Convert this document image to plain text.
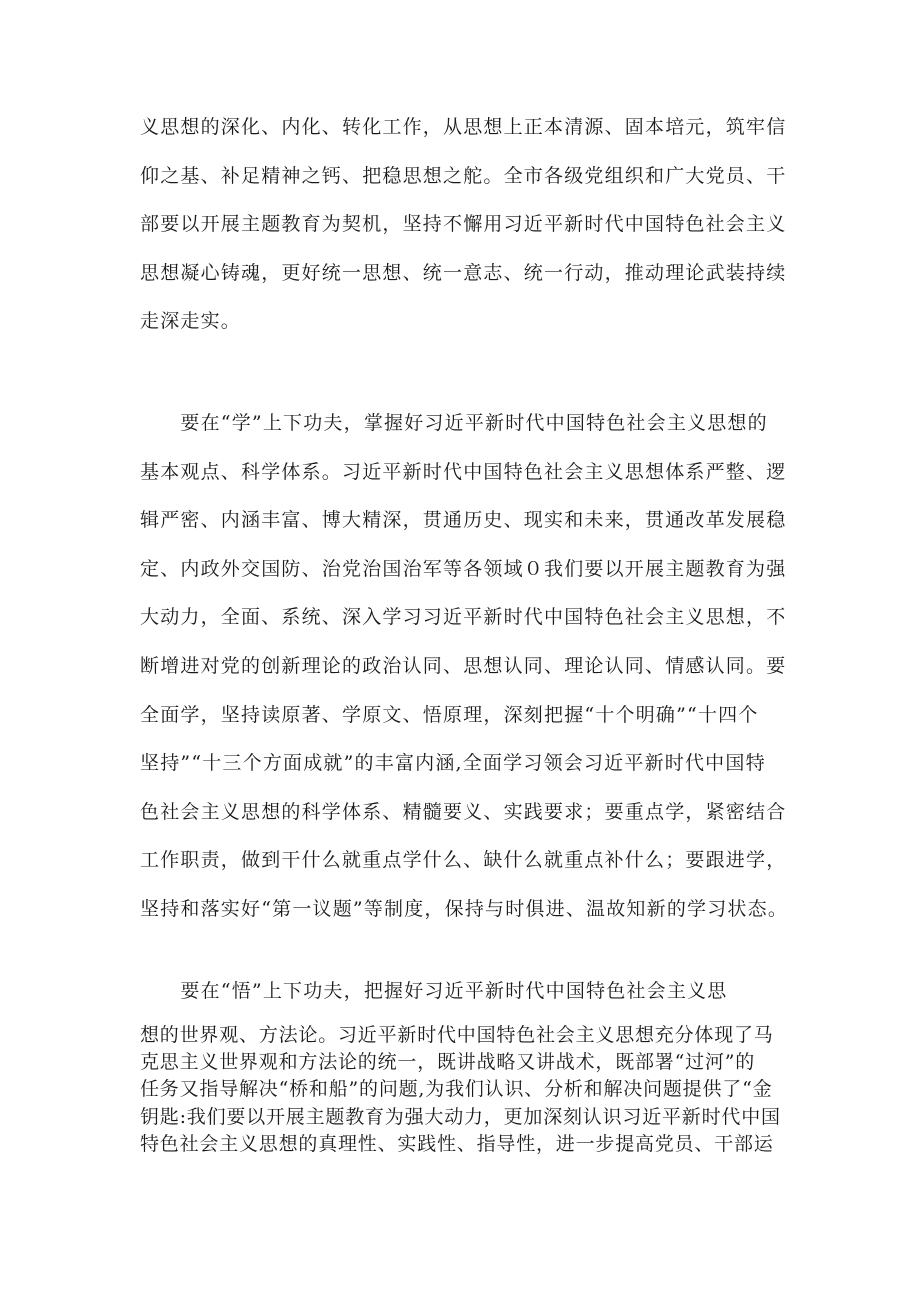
义思想的深化、内化、转化工作，从思想上正本清源、固本培元，筑牢信
仰之基、补足精神之钙、把稳思想之舵。全市各级党组织和广大党员、干
部要以开展主题教育为契机，坚持不懈用习近平新时代中国特色社会主义
思想凝心铸魂，更好统一思想、统一意志、统一行动，推动理论武装持续
走深走实。
　　要在“学”上下功夫，掌握好习近平新时代中国特色社会主义思想的
基本观点、科学体系。习近平新时代中国特色社会主义思想体系严整、逻
辑严密、内涵丰富、博大精深，贯通历史、现实和未来，贯通改革发展稳
定、内政外交国防、治党治国治军等各领域０我们要以开展主题教育为强
大动力，全面、系统、深入学习习近平新时代中国特色社会主义思想，不
断增进对党的创新理论的政治认同、思想认同、理论认同、情感认同。要
全面学，坚持读原著、学原文、悟原理，深刻把握“十个明确”“十四个
坚持”“十三个方面成就”的丰富内涵,全面学习领会习近平新时代中国特
色社会主义思想的科学体系、精髓要义、实践要求；要重点学，紧密结合
工作职责，做到干什么就重点学什么、缺什么就重点补什么；要跟进学，
坚持和落实好“第一议题”等制度，保持与时俱进、温故知新的学习状态。
　　要在“悟”上下功夫，把握好习近平新时代中国特色社会主义思
想的世界观、方法论。习近平新时代中国特色社会主义思想充分体现了马
克思主义世界观和方法论的统一，既讲战略又讲战术，既部署“过河”的
任务又指导解决“桥和船”的问题,为我们认识、分析和解决问题提供了“金
钥匙:我们要以开展主题教育为强大动力，更加深刻认识习近平新时代中国
特色社会主义思想的真理性、实践性、指导性，进一步提高党员、干部运
